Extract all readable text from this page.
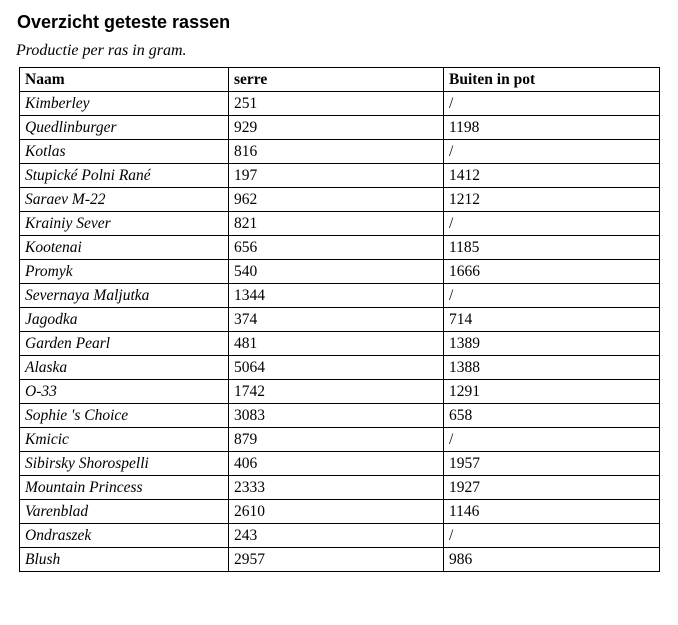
Overzicht geteste rassen
Productie per ras in gram.
Naam	serre	Buiten in pot
Kimberley	251	/
Quedlinburger	929	1198
Kotlas	816	/
Stupické Polni Rané	197	1412
Saraev M-22	962	1212
Krainiy Sever	821	/
Kootenai	656	1185
Promyk	540	1666
Severnaya Maljutka	1344	/
Jagodka	374	714
Garden Pearl	481	1389
Alaska	5064	1388
O-33	1742	1291
Sophie 's Choice	3083	658
Kmicic	879	/
Sibirsky Shorospelli	406	1957
Mountain Princess	2333	1927
Varenblad	2610	1146
Ondraszek	243	/
Blush	2957	986
